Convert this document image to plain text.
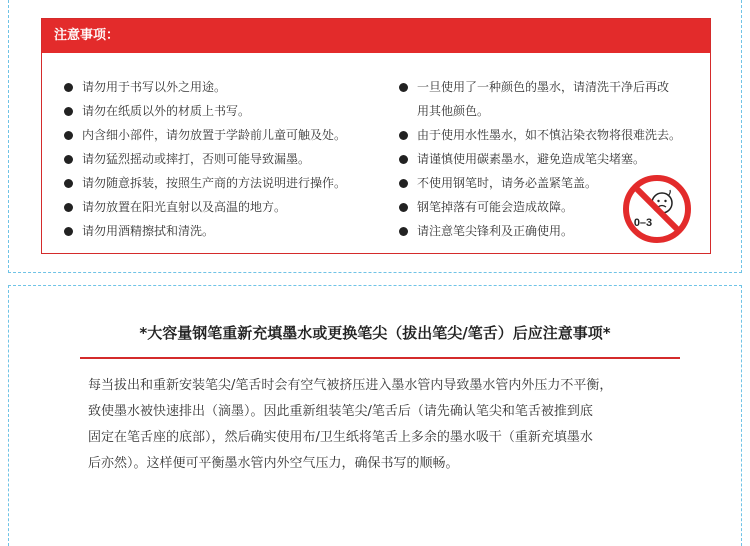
注意事项：
请勿用于书写以外之用途。
请勿在纸质以外的材质上书写。
内含细小部件，请勿放置于学龄前儿童可触及处。
请勿猛烈摇动或摔打，否则可能导致漏墨。
请勿随意拆装，按照生产商的方法说明进行操作。
请勿放置在阳光直射以及高温的地方。
请勿用酒精擦拭和清洗。
一旦使用了一种颜色的墨水，请清洗干净后再改
用其他颜色。
由于使用水性墨水，如不慎沾染衣物将很难洗去。
请谨慎使用碳素墨水，避免造成笔尖堵塞。
不使用钢笔时，请务必盖紧笔盖。
钢笔掉落有可能会造成故障。
请注意笔尖锋利及正确使用。
0–3
*大容量钢笔重新充填墨水或更换笔尖（拔出笔尖/笔舌）后应注意事项*
每当拔出和重新安装笔尖/笔舌时会有空气被挤压进入墨水管内导致墨水管内外压力不平衡，
致使墨水被快速排出（滴墨）。因此重新组装笔尖/笔舌后（请先确认笔尖和笔舌被推到底
固定在笔舌座的底部），然后确实使用布/卫生纸将笔舌上多余的墨水吸干（重新充填墨水
后亦然）。这样便可平衡墨水管内外空气压力，确保书写的顺畅。
